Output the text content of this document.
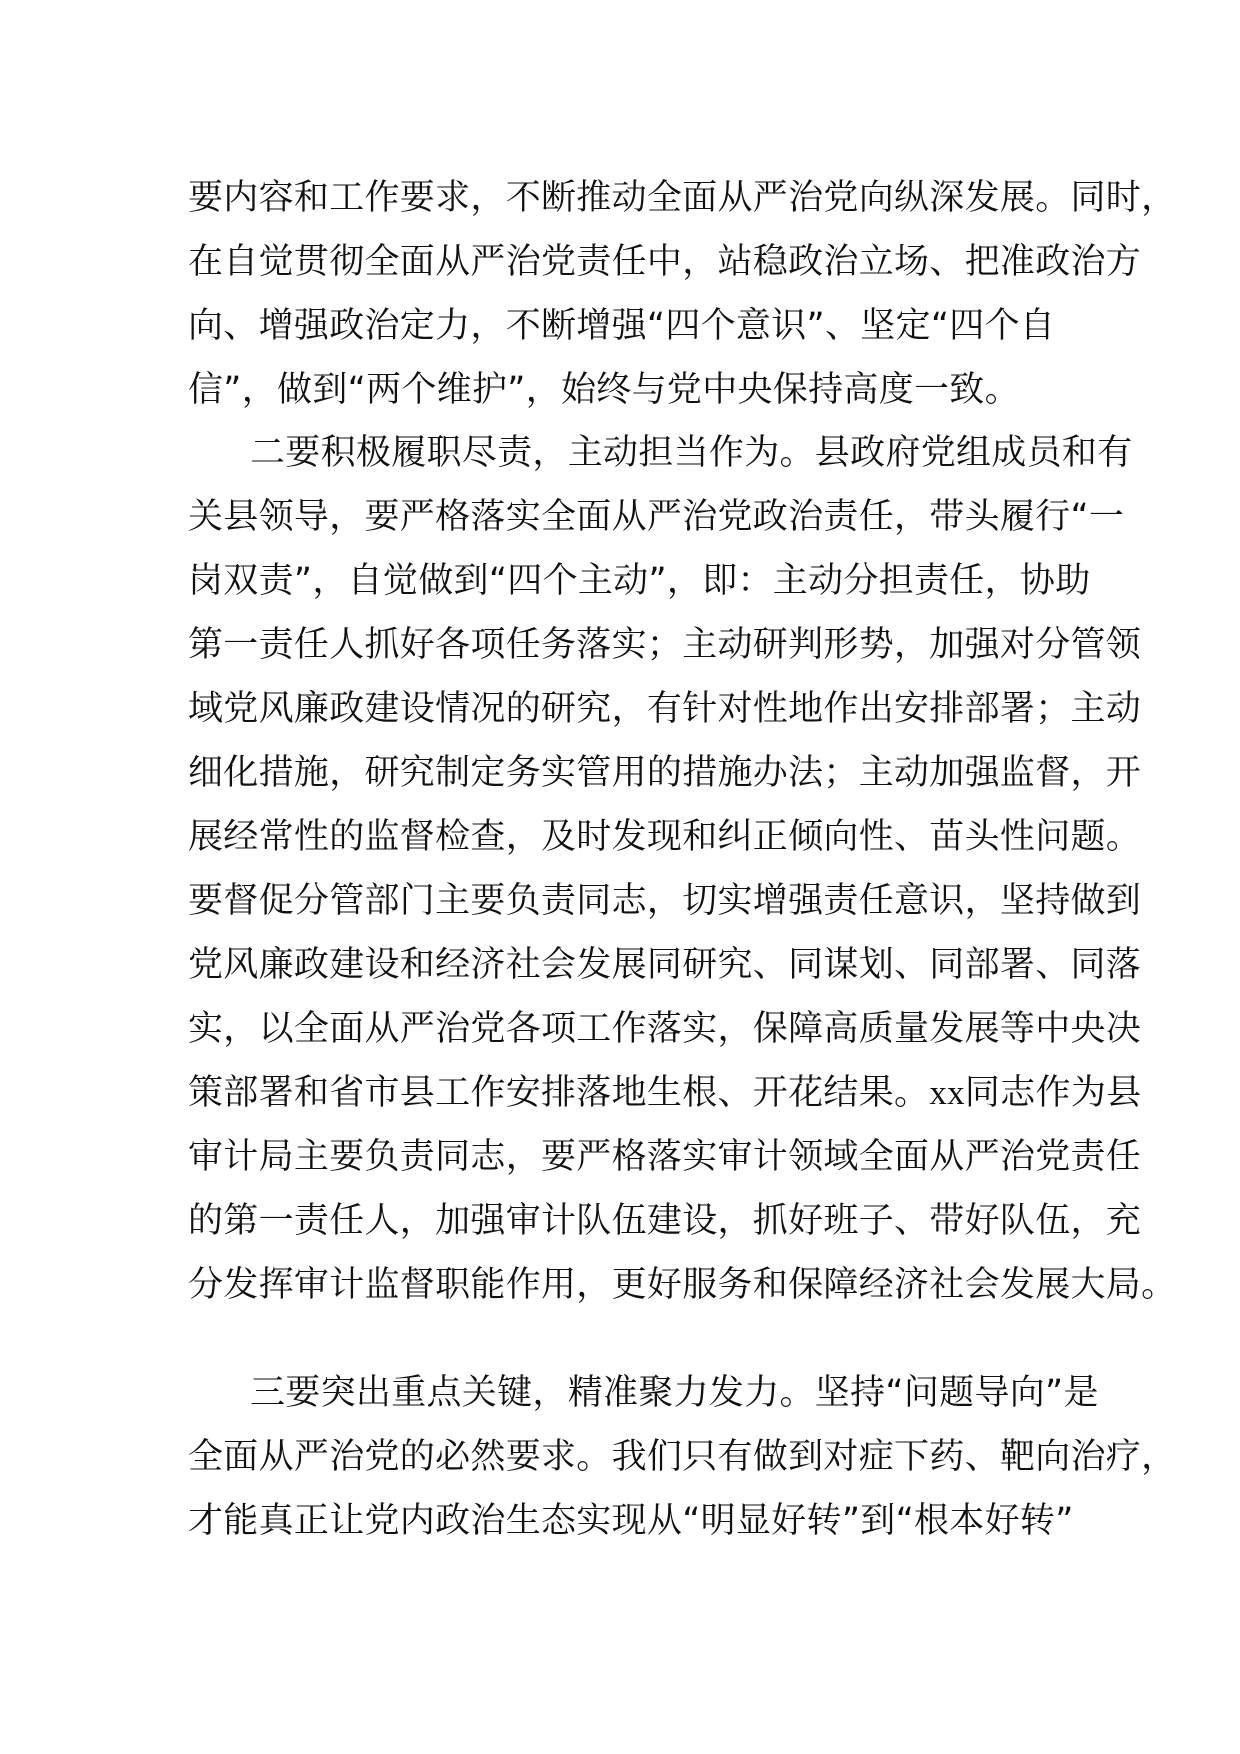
要内容和工作要求，不断推动全面从严治党向纵深发展。同时，
在自觉贯彻全面从严治党责任中，站稳政治立场、把准政治方
向、增强政治定力，不断增强“四个意识”、坚定“四个自
信”，做到“两个维护”，始终与党中央保持高度一致。
二要积极履职尽责，主动担当作为。县政府党组成员和有
关县领导，要严格落实全面从严治党政治责任，带头履行“一
岗双责”，自觉做到“四个主动”，即：主动分担责任，协助
第一责任人抓好各项任务落实；主动研判形势，加强对分管领
域党风廉政建设情况的研究，有针对性地作出安排部署；主动
细化措施，研究制定务实管用的措施办法；主动加强监督，开
展经常性的监督检查，及时发现和纠正倾向性、苗头性问题。
要督促分管部门主要负责同志，切实增强责任意识，坚持做到
党风廉政建设和经济社会发展同研究、同谋划、同部署、同落
实，以全面从严治党各项工作落实，保障高质量发展等中央决
策部署和省市县工作安排落地生根、开花结果。xx同志作为县
审计局主要负责同志，要严格落实审计领域全面从严治党责任
的第一责任人，加强审计队伍建设，抓好班子、带好队伍，充
分发挥审计监督职能作用，更好服务和保障经济社会发展大局。
三要突出重点关键，精准聚力发力。坚持“问题导向”是
全面从严治党的必然要求。我们只有做到对症下药、靶向治疗，
才能真正让党内政治生态实现从“明显好转”到“根本好转”
